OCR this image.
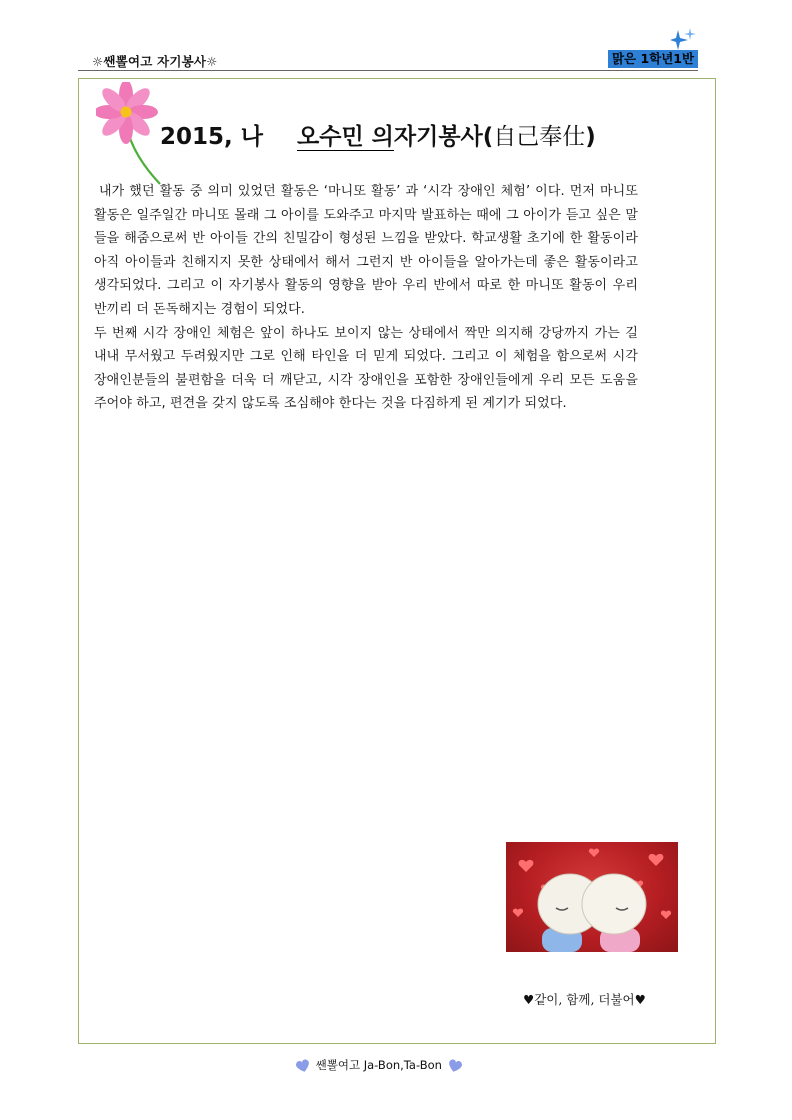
☼쌘뽈여고 자기봉사☼	맑은 1학년1반
2015, 나 오수민 의자기봉사(自己奉仕)

내가 했던 활동 중 의미 있었던 활동은 ‘마니또 활동’ 과 ‘시각 장애인 체험’ 이다. 먼저 마니또 활동은 일주일간 마니또 몰래 그 아이를 도와주고 마지막 발표하는 때에 그 아이가 듣고 싶은 말들을 해줌으로써 반 아이들 간의 친밀감이 형성된 느낌을 받았다. 학교생활 초기에 한 활동이라 아직 아이들과 친해지지 못한 상태에서 해서 그런지 반 아이들을 알아가는데 좋은 활동이라고 생각되었다. 그리고 이 자기봉사 활동의 영향을 받아 우리 반에서 따로 한 마니또 활동이 우리 반끼리 더 돈독해지는 경험이 되었다.

두 번째 시각 장애인 체험은 앞이 하나도 보이지 않는 상태에서 짝만 의지해 강당까지 가는 길 내내 무서웠고 두려웠지만 그로 인해 타인을 더 믿게 되었다. 그리고 이 체험을 함으로써 시각 장애인분들의 불편함을 더욱 더 깨닫고, 시각 장애인을 포함한 장애인들에게 우리 모든 도움을 주어야 하고, 편견을 갖지 않도록 조심해야 한다는 것을 다짐하게 된 계기가 되었다.

♥같이, 함께, 더불어♥
쌘뽈여고 Ja-Bon,Ta-Bon
